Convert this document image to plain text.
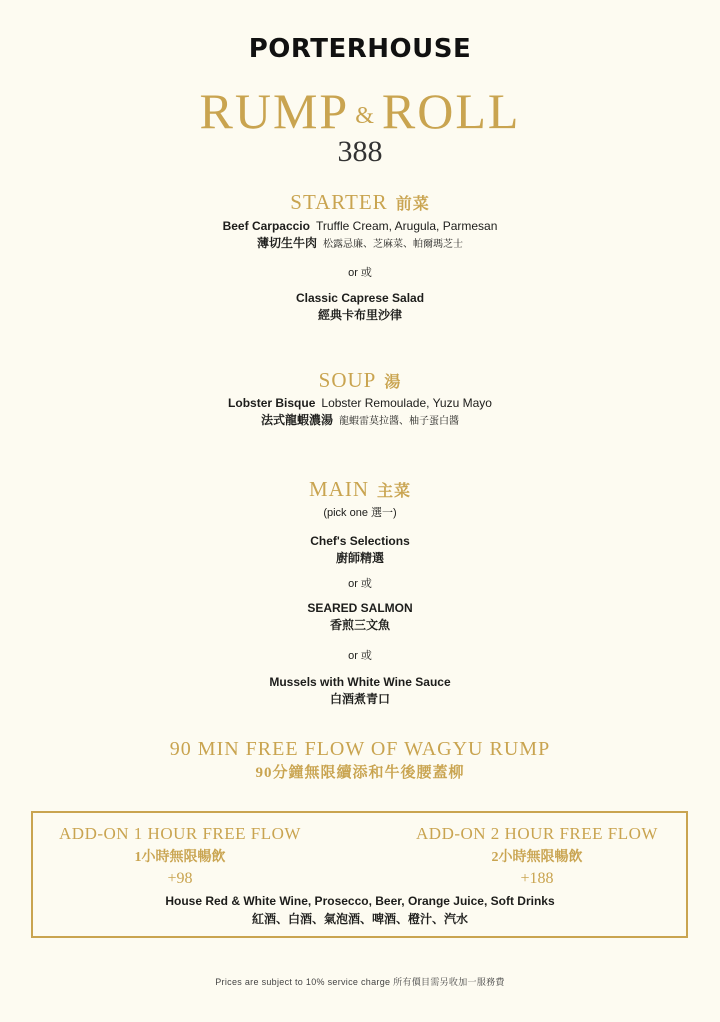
PORTERHOUSE
RUMP & ROLL
388
STARTER 前菜
Beef Carpaccio Truffle Cream, Arugula, Parmesan
薄切生牛肉 松露忌廉、芝麻菜、帕爾瑪芝士
or 或
Classic Caprese Salad
經典卡布里沙律
SOUP 湯
Lobster Bisque Lobster Remoulade, Yuzu Mayo
法式龍蝦濃湯 龍蝦雷莫拉醬、柚子蛋白醬
MAIN 主菜
(pick one 選一)
Chef's Selections
廚師精選
or 或
SEARED SALMON
香煎三文魚
or 或
Mussels with White Wine Sauce
白酒煮青口
90 MIN FREE FLOW OF WAGYU RUMP
90分鐘無限續添和牛後腰蓋柳
ADD-ON 1 HOUR FREE FLOW
1小時無限暢飲
+98
ADD-ON 2 HOUR FREE FLOW
2小時無限暢飲
+188
House Red & White Wine, Prosecco, Beer, Orange Juice, Soft Drinks
紅酒、白酒、氣泡酒、啤酒、橙汁、汽水
Prices are subject to 10% service charge 所有價目需另收加一服務費
